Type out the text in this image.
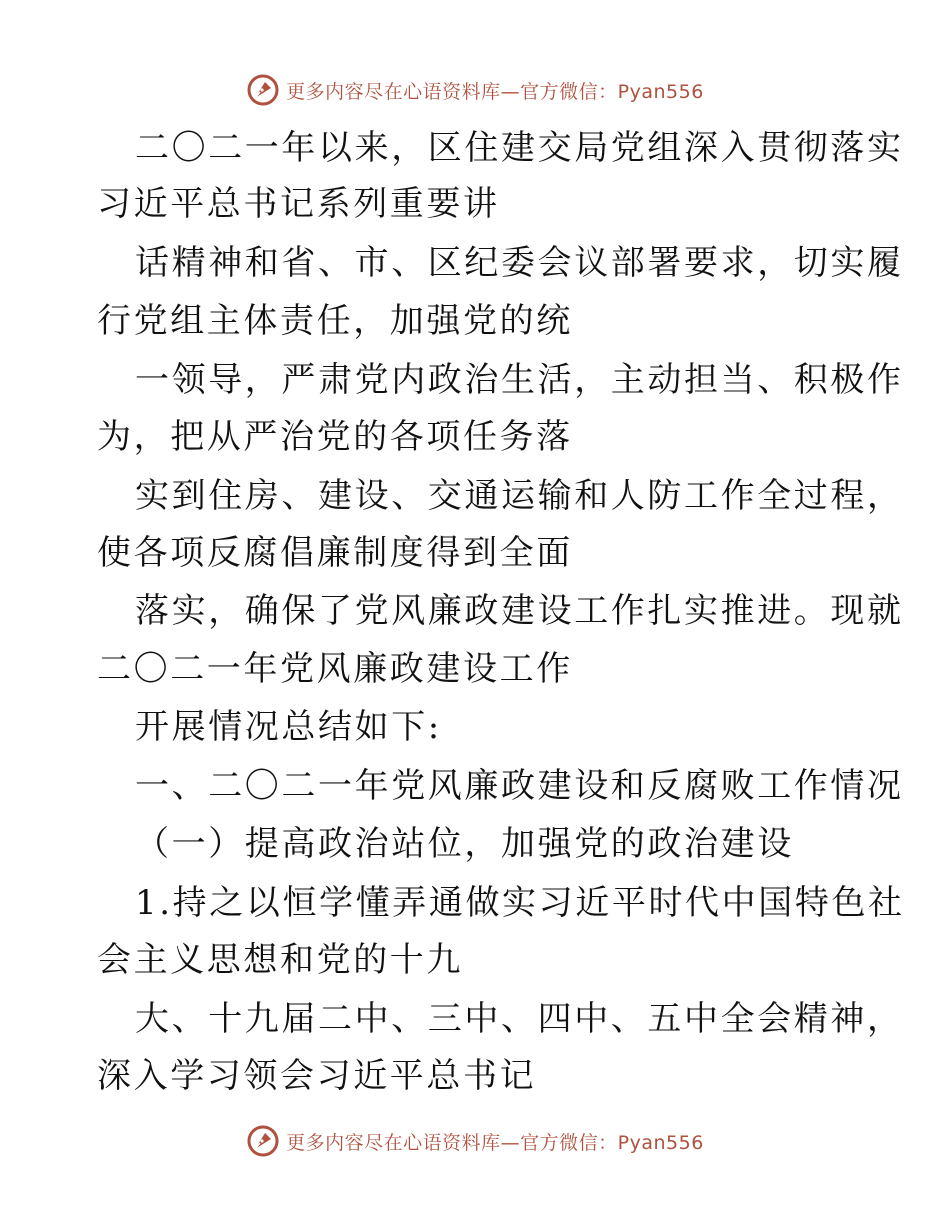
更多内容尽在心语资料库—官方微信：Pyan556
二〇二一年以来，区住建交局党组深入贯彻落实
习近平总书记系列重要讲
话精神和省、市、区纪委会议部署要求，切实履
行党组主体责任，加强党的统
一领导，严肃党内政治生活，主动担当、积极作
为，把从严治党的各项任务落
实到住房、建设、交通运输和人防工作全过程，
使各项反腐倡廉制度得到全面
落实，确保了党风廉政建设工作扎实推进。现就
二〇二一年党风廉政建设工作
开展情况总结如下:
一、二〇二一年党风廉政建设和反腐败工作情况
（一）提高政治站位，加强党的政治建设
1.持之以恒学懂弄通做实习近平时代中国特色社
会主义思想和党的十九
大、十九届二中、三中、四中、五中全会精神，
深入学习领会习近平总书记
更多内容尽在心语资料库—官方微信：Pyan556
